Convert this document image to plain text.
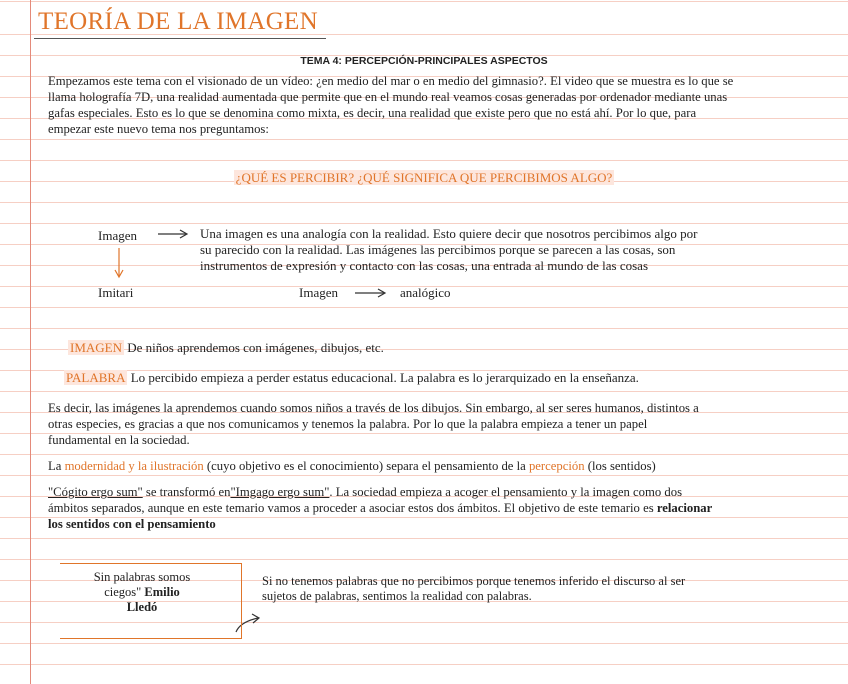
TEORÍA DE LA IMAGEN
TEMA 4: PERCEPCIÓN-PRINCIPALES ASPECTOS
Empezamos este tema con el visionado de un vídeo: ¿en medio del mar o en medio del gimnasio?. El video que se muestra es lo que se
llama holografía 7D, una realidad aumentada que permite que en el mundo real veamos cosas generadas por ordenador mediante unas
gafas especiales. Esto es lo que se denomina como mixta, es decir, una realidad que existe pero que no está ahí. Por lo que, para
empezar este nuevo tema nos preguntamos:
¿QUÉ ES PERCIBIR? ¿QUÉ SIGNIFICA QUE PERCIBIMOS ALGO?
Imagen	Una imagen es una analogía con la realidad. Esto quiere decir que nosotros percibimos algo por
su parecido con la realidad. Las imágenes las percibimos porque se parecen a las cosas, son
instrumentos de expresión y contacto con las cosas, una entrada al mundo de las cosas
Imitari	Imagen	analógico
IMAGEN De niños aprendemos con imágenes, dibujos, etc.
PALABRA Lo percibido empieza a perder estatus educacional. La palabra es lo jerarquizado en la enseñanza.
Es decir, las imágenes la aprendemos cuando somos niños a través de los dibujos. Sin embargo, al ser seres humanos, distintos a
otras especies, es gracias a que nos comunicamos y tenemos la palabra. Por lo que la palabra empieza a tener un papel
fundamental en la sociedad.
La modernidad y la ilustración (cuyo objetivo es el conocimiento) separa el pensamiento de la percepción (los sentidos)
"Cógito ergo sum" se transformó en"Imgago ergo sum". La sociedad empieza a acoger el pensamiento y la imagen como dos
ámbitos separados, aunque en este temario vamos a proceder a asociar estos dos ámbitos. El objetivo de este temario es relacionar
los sentidos con el pensamiento
Sin palabras somos
ciegos" Emilio
Lledó
Si no tenemos palabras que no percibimos porque tenemos inferido el discurso al ser
sujetos de palabras, sentimos la realidad con palabras.
